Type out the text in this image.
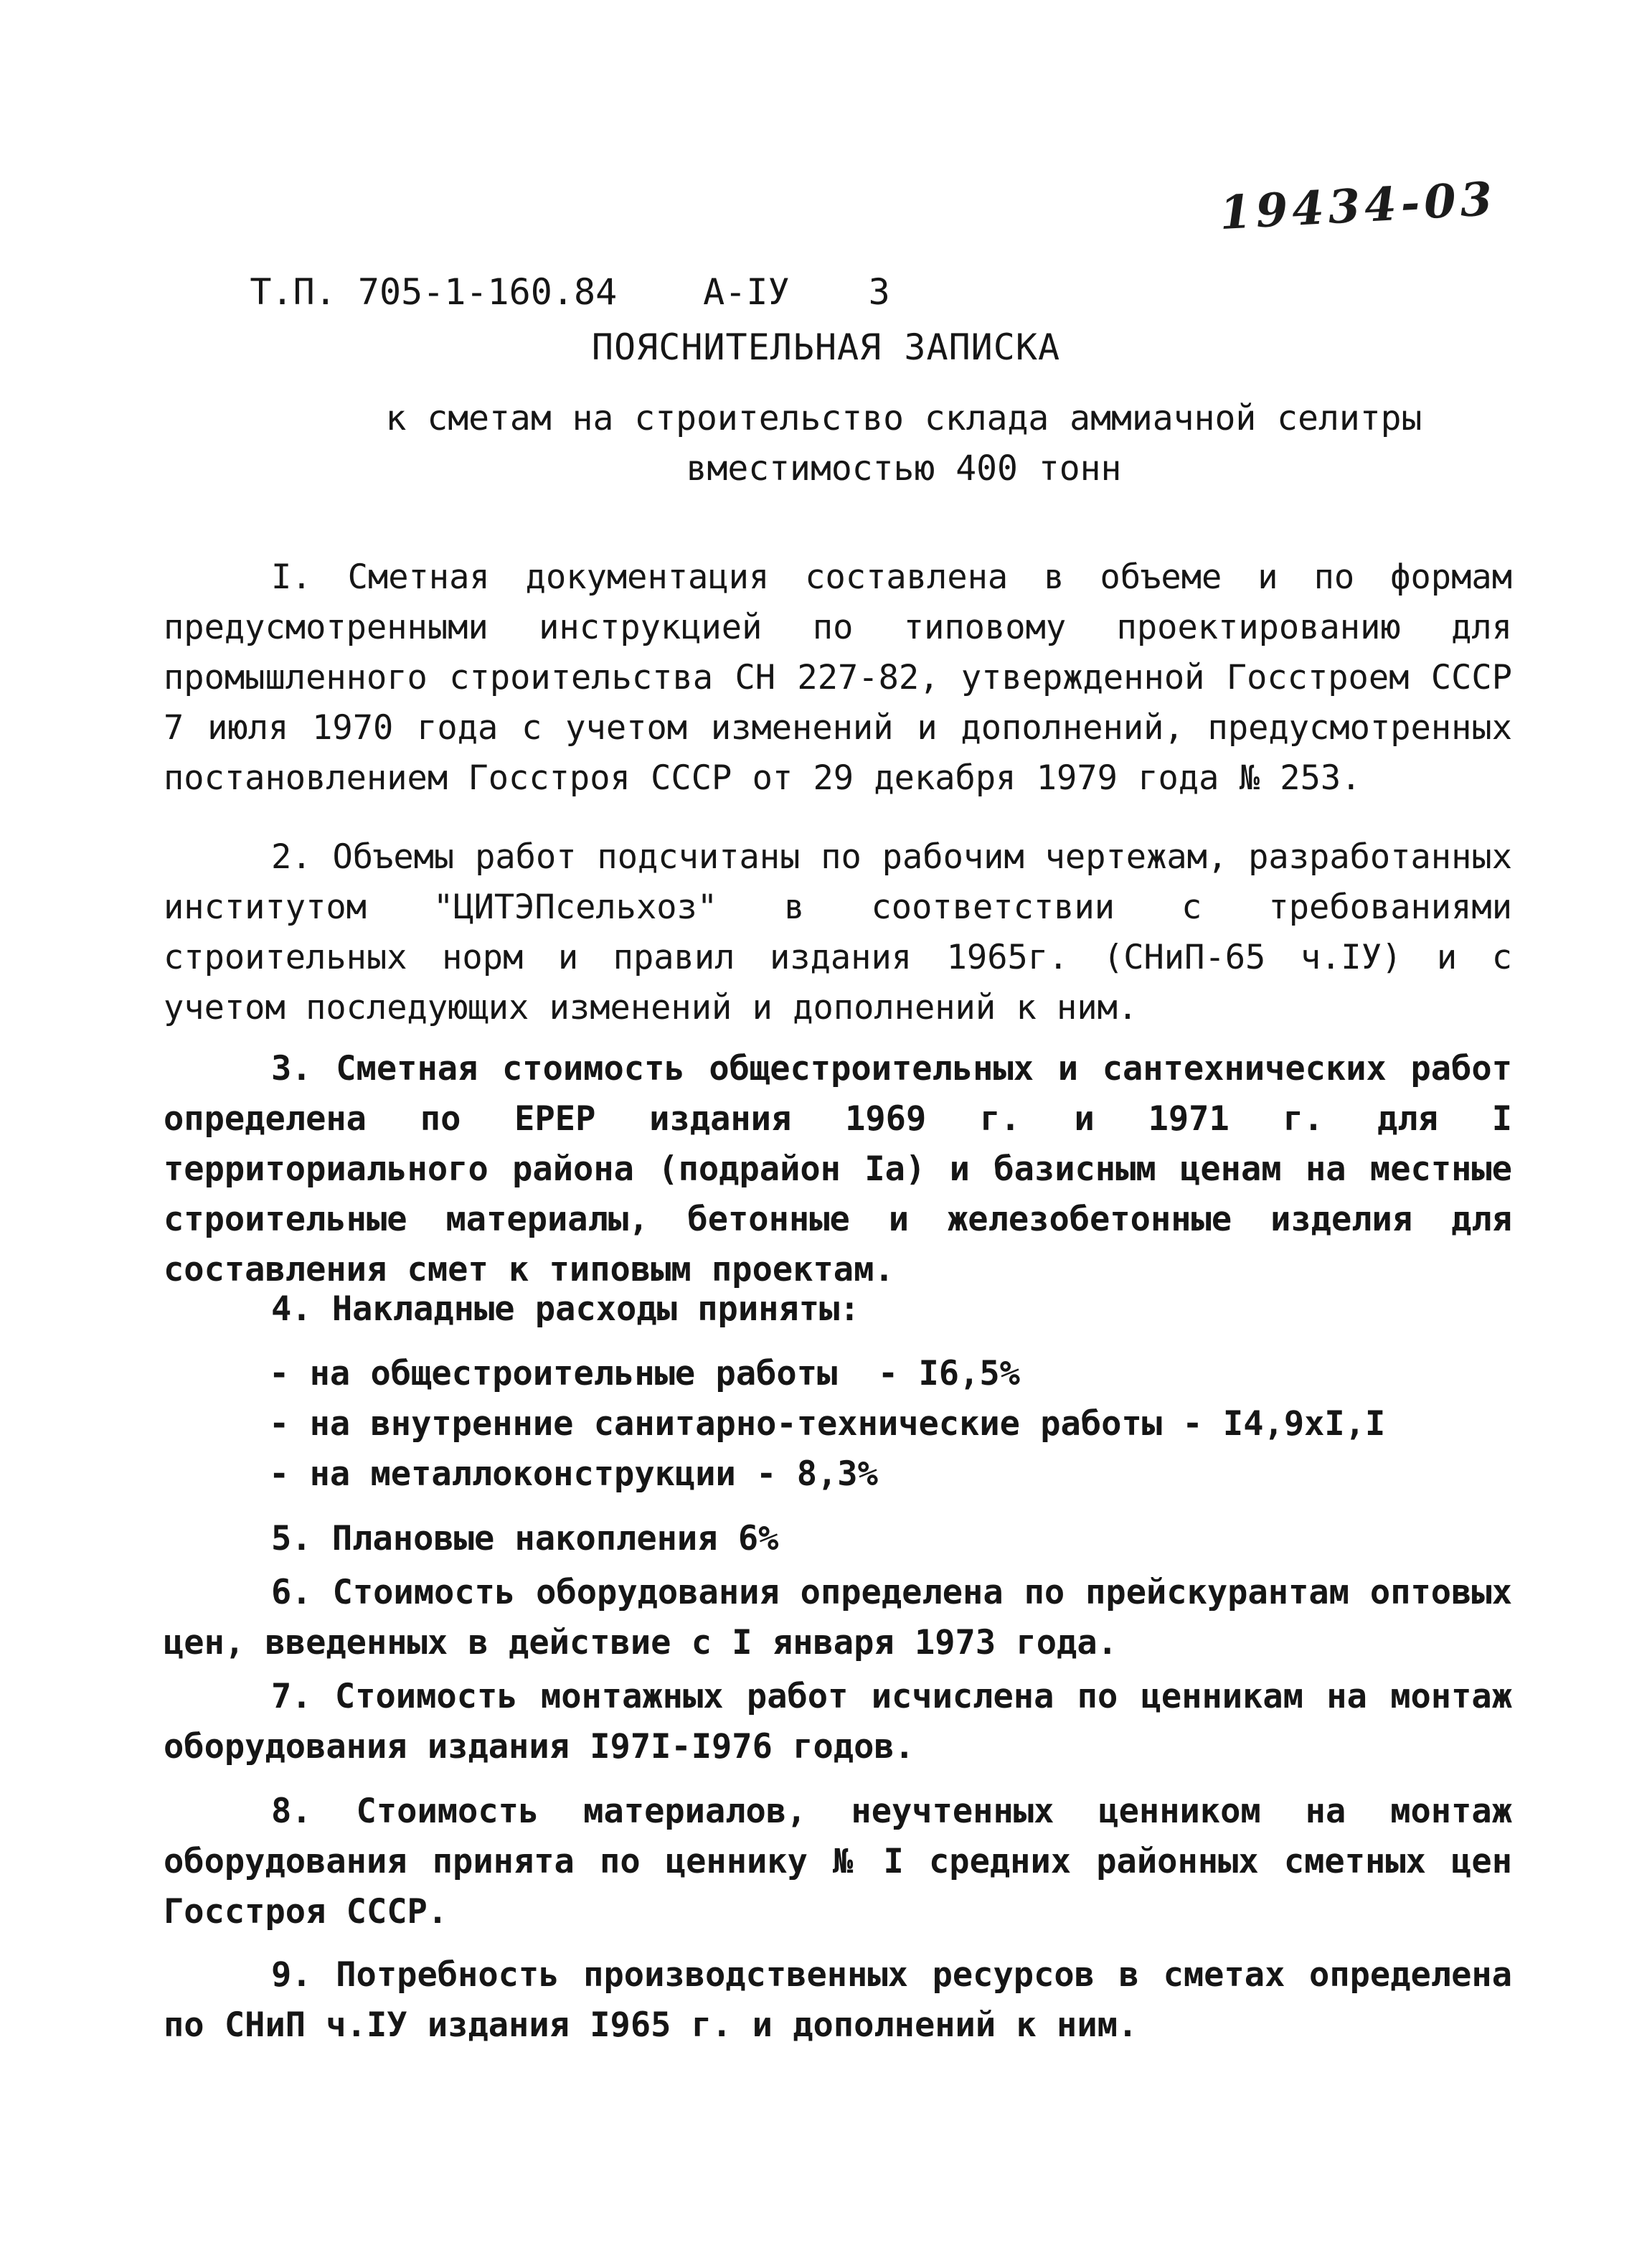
19434-03

Т.П. 705-1-160.84 А-IУ 3

ПОЯСНИТЕЛЬНАЯ ЗАПИСКА
к сметам на строительство склада аммиачной селитры вместимостью 400 тонн
I. Сметная документация составлена в объеме и по формам предусмотренными инструкцией по типовому проектированию для промышленного строительства СН 227-82, утвержденной Госстроем СССР 7 июля 1970 года с учетом изменений и дополнений, предусмотренных постановлением Госстроя СССР от 29 декабря 1979 года № 253.
2. Объемы работ подсчитаны по рабочим чертежам, разработанных институтом "ЦИТЭПсельхоз" в соответствии с требованиями строительных норм и правил издания 1965г. (СНиП-65 ч.IУ) и с учетом последующих изменений и дополнений к ним.
3. Сметная стоимость общестроительных и сантехнических работ определена по ЕРЕР издания 1969 г. и 1971 г. для I территориального района (подрайон Iа) и базисным ценам на местные строительные материалы, бетонные и железобетонные изделия для составления смет к типовым проектам.
4. Накладные расходы приняты:
- на общестроительные работы  - I6,5%
- на внутренние санитарно-технические работы - I4,9хI,I
- на металлоконструкции - 8,3%
5. Плановые накопления 6%
6. Стоимость оборудования определена по прейскурантам оптовых цен, введенных в действие с I января 1973 года.
7. Стоимость монтажных работ исчислена по ценникам на монтаж оборудования издания I97I-I976 годов.
8. Стоимость материалов, неучтенных ценником на монтаж оборудования принята по ценнику № I средних районных сметных цен Госстроя СССР.
9. Потребность производственных ресурсов в сметах определена по СНиП ч.IУ издания I965 г. и дополнений к ним.
